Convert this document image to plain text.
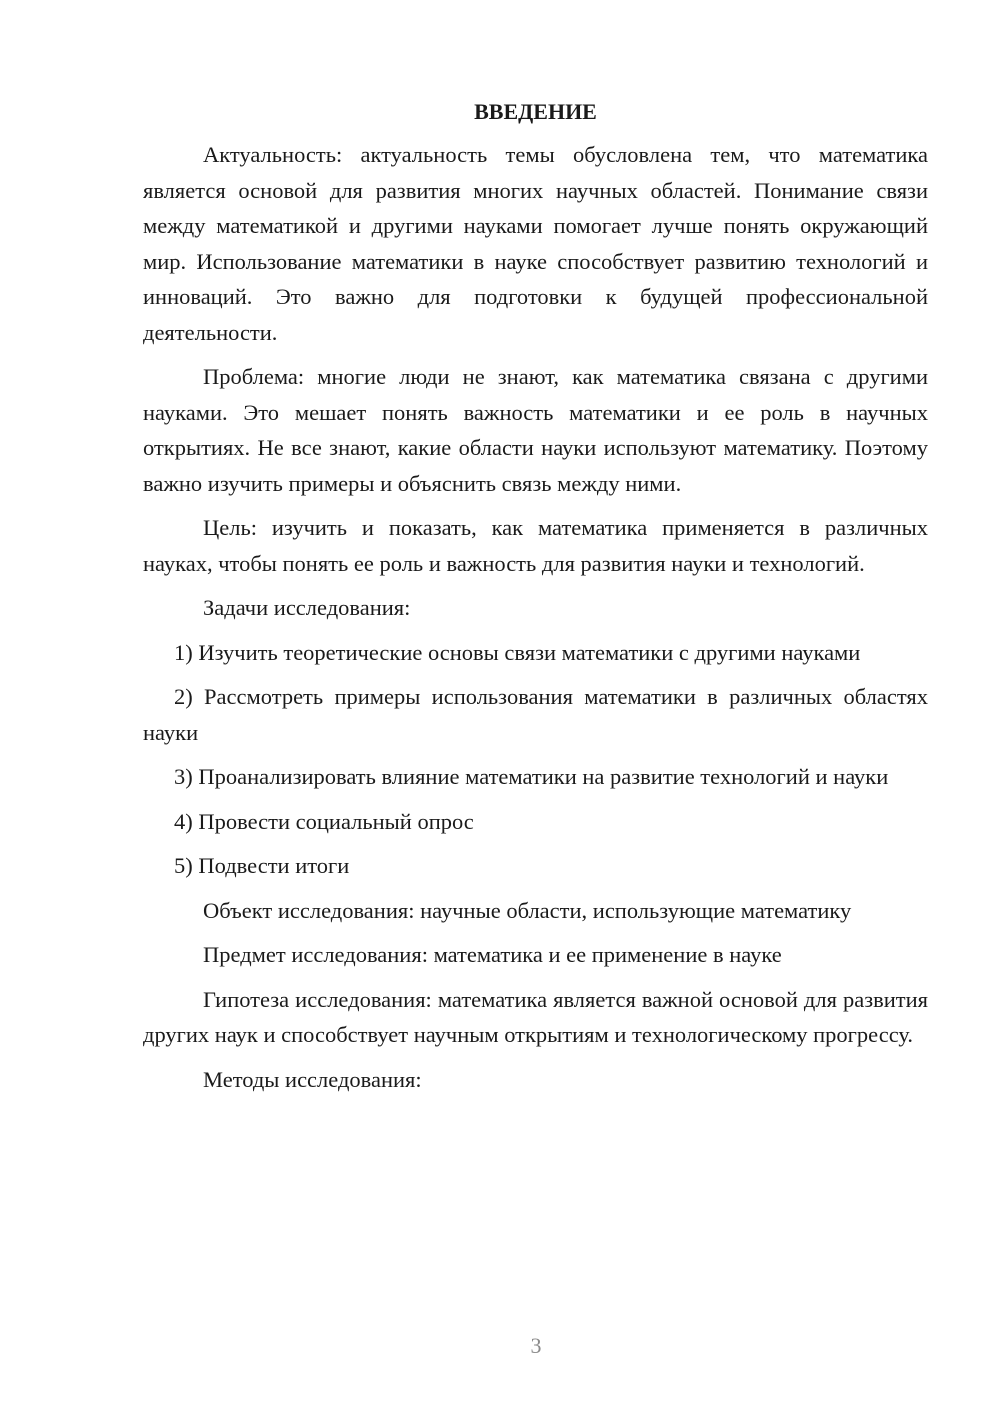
ВВЕДЕНИЕ

Актуальность: актуальность темы обусловлена тем, что математика является основой для развития многих научных областей. Понимание связи между математикой и другими науками помогает лучше понять окружающий мир. Использование математики в науке способствует развитию технологий и инноваций. Это важно для подготовки к будущей профессиональной деятельности.

Проблема: многие люди не знают, как математика связана с другими науками. Это мешает понять важность математики и ее роль в научных открытиях. Не все знают, какие области науки используют математику. Поэтому важно изучить примеры и объяснить связь между ними.

Цель: изучить и показать, как математика применяется в различных науках, чтобы понять ее роль и важность для развития науки и технологий.

Задачи исследования:

1) Изучить теоретические основы связи математики с другими науками

2) Рассмотреть примеры использования математики в различных областях науки

3) Проанализировать влияние математики на развитие технологий и науки

4) Провести социальный опрос

5) Подвести итоги

Объект исследования: научные области, использующие математику

Предмет исследования: математика и ее применение в науке

Гипотеза исследования: математика является важной основой для развития других наук и способствует научным открытиям и технологическому прогрессу.

Методы исследования:

3
